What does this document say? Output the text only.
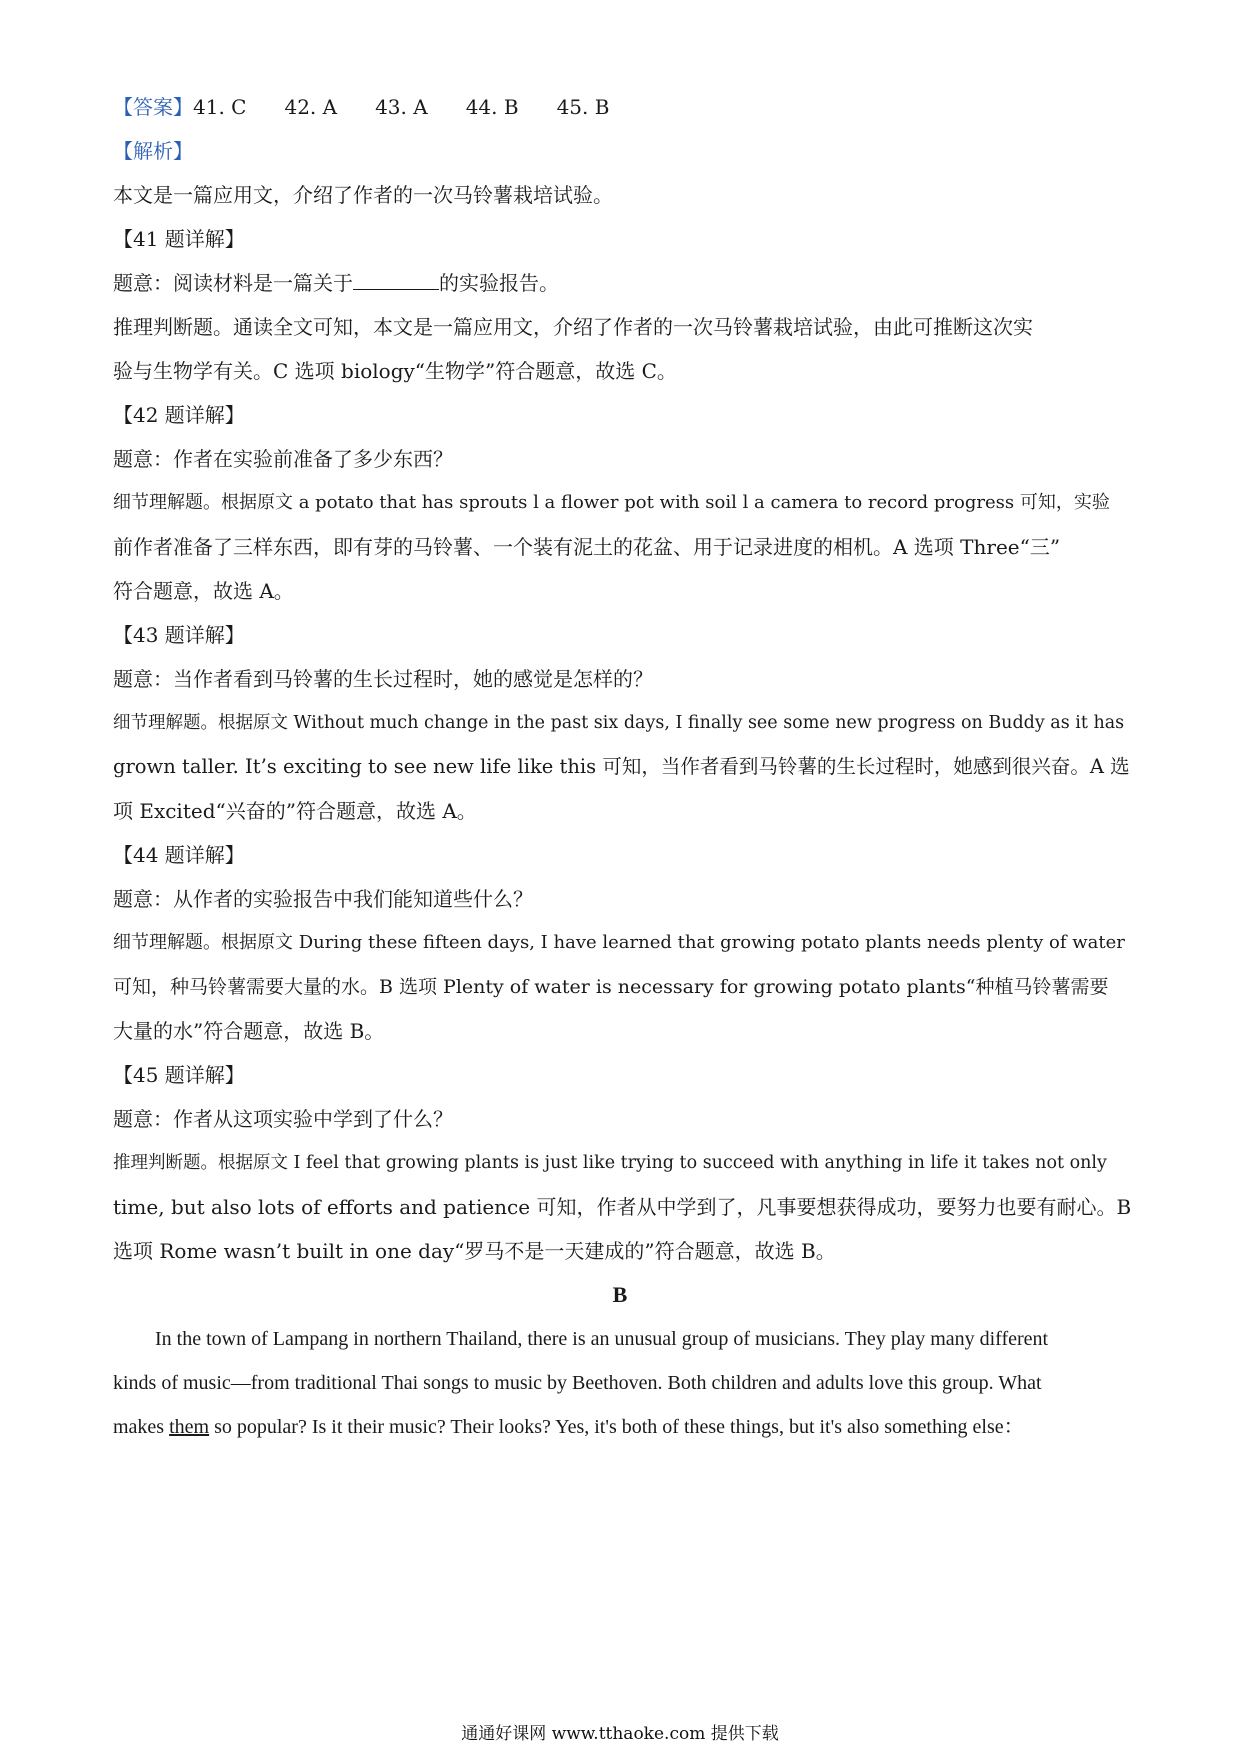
【答案】41. C 42. A 43. A 44. B 45. B
【解析】
本文是一篇应用文，介绍了作者的一次马铃薯栽培试验。
【41 题详解】
题意：阅读材料是一篇关于	的实验报告。
推理判断题。通读全文可知，本文是一篇应用文，介绍了作者的一次马铃薯栽培试验，由此可推断这次实
验与生物学有关。C 选项 biology“生物学”符合题意，故选 C。
【42 题详解】
题意：作者在实验前准备了多少东西？
细节理解题。根据原文 a potato that has sprouts l a flower pot with soil l a camera to record progress 可知，实验
前作者准备了三样东西，即有芽的马铃薯、一个装有泥土的花盆、用于记录进度的相机。A 选项 Three“三”
符合题意，故选 A。
【43 题详解】
题意：当作者看到马铃薯的生长过程时，她的感觉是怎样的？
细节理解题。根据原文 Without much change in the past six days, I finally see some new progress on Buddy as it has
grown taller. It’s exciting to see new life like this 可知，当作者看到马铃薯的生长过程时，她感到很兴奋。A 选
项 Excited“兴奋的”符合题意，故选 A。
【44 题详解】
题意：从作者的实验报告中我们能知道些什么？
细节理解题。根据原文 During these fifteen days, I have learned that growing potato plants needs plenty of water
可知，种马铃薯需要大量的水。B 选项 Plenty of water is necessary for growing potato plants“种植马铃薯需要
大量的水”符合题意，故选 B。
【45 题详解】
题意：作者从这项实验中学到了什么？
推理判断题。根据原文 I feel that growing plants is just like trying to succeed with anything in life it takes not only
time, but also lots of efforts and patience 可知，作者从中学到了，凡事要想获得成功，要努力也要有耐心。B
选项 Rome wasn’t built in one day“罗马不是一天建成的”符合题意，故选 B。
B
In the town of Lampang in northern Thailand, there is an unusual group of musicians. They play many different
kinds of music—from traditional Thai songs to music by Beethoven. Both children and adults love this group. What
makes them so popular? Is it their music? Their looks? Yes, it's both of these things, but it's also something else：
通通好课网 www.tthaoke.com 提供下载
